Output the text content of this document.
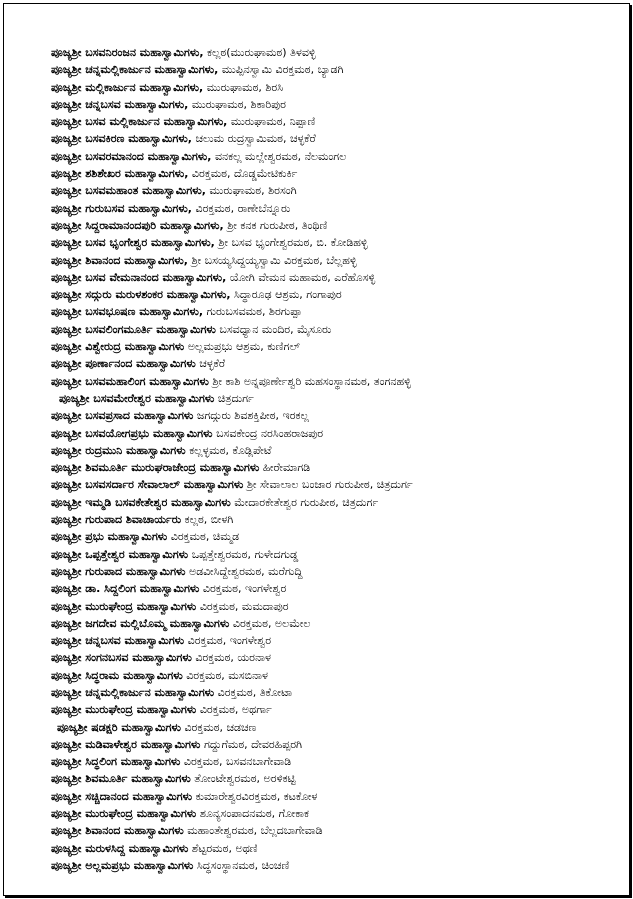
ಪೂಜ್ಯಶ್ರೀ ಬಸವನಿರಂಜನ ಮಹಾಸ್ವಾಮಿಗಳು, ಕಲ್ಲಠ(ಮುರುಘಾಮಠ) ತಿಳವಳ್ಳಿ
ಪೂಜ್ಯಶ್ರೀ ಚನ್ನಮಲ್ಲಿಕಾರ್ಜುನ ಮಹಾಸ್ವಾಮಿಗಳು, ಮುಪ್ಪಿನಸ್ವಾಮಿ ವಿರಕ್ತಮಠ, ಬ್ಯಾಡಗಿ
ಪೂಜ್ಯಶ್ರೀ ಮಲ್ಲಿಕಾರ್ಜುನ ಮಹಾಸ್ವಾಮಿಗಳು, ಮುರುಘಾಮಠ, ಶಿರಸಿ
ಪೂಜ್ಯಶ್ರೀ ಚನ್ನಬಸವ ಮಹಾಸ್ವಾಮಿಗಳು, ಮುರುಘಾಮಠ, ಶಿಕಾರಿಪುರ
ಪೂಜ್ಯಶ್ರೀ ಬಸವ ಮಲ್ಲಿಕಾರ್ಜುನ ಮಹಾಸ್ವಾಮಿಗಳು, ಮುರುಘಾಮಠ, ನಿಪ್ಪಾಣಿ
ಪೂಜ್ಯಶ್ರೀ ಬಸವಕಿರಣ ಮಹಾಸ್ವಾಮಿಗಳು, ಚಲುಮ ರುದ್ರಸ್ವಾಮಿಮಠ, ಚಳ್ಳಕೆರೆ
ಪೂಜ್ಯಶ್ರೀ ಬಸವರಮಾನಂದ ಮಹಾಸ್ವಾಮಿಗಳು, ವನಕಲ್ಲ ಮಲ್ಲೇಶ್ವರಮಠ, ನೆಲಮಂಗಲ
ಪೂಜ್ಯಶ್ರೀ ಶಶಿಶೇಖರ ಮಹಾಸ್ವಾಮಿಗಳು, ವಿರಕ್ತಮಠ, ದೊಡ್ಡಮೇಟಿಕುರ್ಕಿ
ಪೂಜ್ಯಶ್ರೀ ಬಸವಮಹಾಂತ ಮಹಾಸ್ವಾಮಿಗಳು, ಮುರುಘಾಮಠ, ಶಿರಸಂಗಿ
ಪೂಜ್ಯಶ್ರೀ ಗುರುಬಸವ ಮಹಾಸ್ವಾಮಿಗಳು, ವಿರಕ್ತಮಠ, ರಾಣೇಬೆನ್ನೂರು
ಪೂಜ್ಯಶ್ರೀ ಸಿದ್ದರಾಮಾನಂದಪುರಿ ಮಹಾಸ್ವಾಮಿಗಳು, ಶ್ರೀ ಕನಕ ಗುರುಪೀಠ, ತಿಂಥಿಣಿ
ಪೂಜ್ಯಶ್ರೀ ಬಸವ ಭೃಂಗೇಶ್ವರ ಮಹಾಸ್ವಾಮಿಗಳು, ಶ್ರೀ ಬಸವ ಭೃಂಗೇಶ್ವರಮಠ, ಬಿ. ಕೋಡಿಹಳ್ಳಿ
ಪೂಜ್ಯಶ್ರೀ ಶಿವಾನಂದ ಮಹಾಸ್ವಾಮಿಗಳು, ಶ್ರೀ ಬಸಯ್ಯಸಿದ್ದಯ್ಯಸ್ವಾಮಿ ವಿರಕ್ತಮಠ, ಬೆಲ್ಲಹಳ್ಳಿ
ಪೂಜ್ಯಶ್ರೀ ಬಸವ ವೇಮನಾನಂದ ಮಹಾಸ್ವಾಮಿಗಳು, ಯೋಗಿ ವೇಮನ ಮಹಾಮಠ, ಎರೆಹೊಸಳ್ಳಿ
ಪೂಜ್ಯಶ್ರೀ ಸದ್ಗುರು ಮರುಳಶಂಕರ ಮಹಾಸ್ವಾಮಿಗಳು, ಸಿದ್ಧಾರೂಢ ಆಶ್ರಮ, ಗಂಗಾಪುರ
ಪೂಜ್ಯಶ್ರೀ ಬಸವಭೂಷಣ ಮಹಾಸ್ವಾಮಿಗಳು, ಗುರುಬಸವಮಠ, ಶಿರಗುಪ್ಪಾ
ಪೂಜ್ಯಶ್ರೀ ಬಸವಲಿಂಗಮೂರ್ತಿ ಮಹಾಸ್ವಾಮಿಗಳು ಬಸವಧ್ಯಾನ ಮಂದಿರ, ಮೈಸೂರು
ಪೂಜ್ಯಶ್ರೀ ವಿಶ್ವೇರುದ್ರ ಮಹಾಸ್ವಾಮಿಗಳು ಅಲ್ಲಮಪ್ರಭು ಆಶ್ರಮ, ಕುಣಿಗಲ್
ಪೂಜ್ಯಶ್ರೀ ಪೂರ್ಣಾನಂದ ಮಹಾಸ್ವಾಮಿಗಳು ಚಳ್ಳಕೆರೆ
ಪೂಜ್ಯಶ್ರೀ ಬಸವಮಹಾಲಿಂಗ ಮಹಾಸ್ವಾಮಿಗಳು ಶ್ರೀ ಕಾಶಿ ಅನ್ನಪೂರ್ಣೇಶ್ವರಿ ಮಹಸಂಸ್ಥಾನಮಠ, ತಂಗನಹಳ್ಳಿ
ಪೂಜ್ಯಶ್ರೀ ಬಸವಮೇರೇಶ್ವರ ಮಹಾಸ್ವಾಮಿಗಳು ಚಿತ್ರದುರ್ಗ
ಪೂಜ್ಯಶ್ರೀ ಬಸವಪ್ರಸಾದ ಮಹಾಸ್ವಾಮಿಗಳು ಜಗದ್ಗುರು ಶಿವಶಕ್ತಿಪೀಠ, ಇರಕಲ್ಲ
ಪೂಜ್ಯಶ್ರೀ ಬಸವಯೋಗಪ್ರಭು ಮಹಾಸ್ವಾಮಿಗಳು ಬಸವಕೇಂದ್ರ ನರಸಿಂಹರಾಜಪುರ
ಪೂಜ್ಯಶ್ರೀ ರುದ್ರಮುನಿ ಮಹಾಸ್ವಾಮಿಗಳು ಕಲ್ಲಳ್ಳಮಠ, ಕೊಡ್ಲಿಪೇಟೆ
ಪೂಜ್ಯಶ್ರೀ ಶಿವಮೂರ್ತಿ ಮುರುಘರಾಜೇಂದ್ರ ಮಹಾಸ್ವಾಮಿಗಳು ಹೀರೇಮಾಗಡಿ
ಪೂಜ್ಯಶ್ರೀ ಬಸವಸರ್ದಾರ ಸೇವಾಲಾಲ್ ಮಹಾಸ್ವಾಮಿಗಳು ಶ್ರೀ ಸೇವಾಲಾಲ ಬಂಜಾರ ಗುರುಪೀಠ, ಚಿತ್ರದುರ್ಗ
ಪೂಜ್ಯಶ್ರೀ ಇಮ್ಮಡಿ ಬಸವಕೇತೇಶ್ವರ ಮಹಾಸ್ವಾಮಿಗಳು ಮೇದಾರಕೇತೇಶ್ವರ ಗುರುಪೀಠ, ಚಿತ್ರದುರ್ಗ
ಪೂಜ್ಯಶ್ರೀ ಗುರುಪಾದ ಶಿವಾಚಾರ್ಯರು ಕಲ್ಲಠ, ಬೀಳಗಿ
ಪೂಜ್ಯಶ್ರೀ ಪ್ರಭು ಮಹಾಸ್ವಾಮಿಗಳು ವಿರಕ್ತಮಠ, ಚಿಮ್ಮಡ
ಪೂಜ್ಯಶ್ರೀ ಒಪ್ಪತ್ತೇಶ್ವರ ಮಹಾಸ್ವಾಮಿಗಳು ಒಪ್ಪತ್ತೇಶ್ವರಮಠ, ಗುಳೇದಗುಡ್ಡ
ಪೂಜ್ಯಶ್ರೀ ಗುರುಪಾದ ಮಹಾಸ್ವಾಮಿಗಳು ಅಡವೀಸಿದ್ದೇಶ್ವರಮಠ, ಮರೆಗುದ್ದಿ
ಪೂಜ್ಯಶ್ರೀ ಡಾ. ಸಿದ್ದಲಿಂಗ ಮಹಾಸ್ವಾಮಿಗಳು ವಿರಕ್ತಮಠ, ಇಂಗಳೇಶ್ವರ
ಪೂಜ್ಯಶ್ರೀ ಮುರುಘೇಂದ್ರ ಮಹಾಸ್ವಾಮಿಗಳು ವಿರಕ್ತಮಠ, ಮಮದಾಪುರ
ಪೂಜ್ಯಶ್ರೀ ಜಗದೇವ ಮಲ್ಲಿಬೊಮ್ಮ ಮಹಾಸ್ವಾಮಿಗಳು ವಿರಕ್ತಮಠ, ಅಲಮೇಲ
ಪೂಜ್ಯಶ್ರೀ ಚನ್ನಬಸವ ಮಹಾಸ್ವಾಮಿಗಳು ವಿರಕ್ತಮಠ, ಇಂಗಳೇಶ್ವರ
ಪೂಜ್ಯಶ್ರೀ ಸಂಗನಬಸವ ಮಹಾಸ್ವಾಮಿಗಳು ವಿರಕ್ತಮಠ, ಯರನಾಳ
ಪೂಜ್ಯಶ್ರೀ ಸಿದ್ಧರಾಮ ಮಹಾಸ್ವಾಮಿಗಳು ವಿರಕ್ತಮಠ, ಮಸಬಿನಾಳ
ಪೂಜ್ಯಶ್ರೀ ಚನ್ನಮಲ್ಲಿಕಾರ್ಜುನ ಮಹಾಸ್ವಾಮಿಗಳು ವಿರಕ್ತಮಠ, ತಿಕೋಟಾ
ಪೂಜ್ಯಶ್ರೀ ಮುರುಘೇಂದ್ರ ಮಹಾಸ್ವಾಮಿಗಳು ವಿರಕ್ತಮಠ, ಅಥರ್ಗಾ
ಪೂಜ್ಯಶ್ರೀ ಷಡಕ್ಷರಿ ಮಹಾಸ್ವಾಮಿಗಳು ವಿರಕ್ತಮಠ, ಚಡಚಣ
ಪೂಜ್ಯಶ್ರೀ ಮಡಿವಾಳೇಶ್ವರ ಮಹಾಸ್ವಾಮಿಗಳು ಗದ್ದುಗೆಮಠ, ದೇವರಹಿಪ್ಪರಗಿ
ಪೂಜ್ಯಶ್ರೀ ಸಿದ್ಧಲಿಂಗ ಮಹಾಸ್ವಾಮಿಗಳು ವಿರಕ್ತಮಠ, ಬಸವನಬಾಗೇವಾಡಿ
ಪೂಜ್ಯಶ್ರೀ ಶಿವಮೂರ್ತಿ ಮಹಾಸ್ವಾಮಿಗಳು ತೋಂಟೇಶ್ವರಮಠ, ಅರಳಿಕಟ್ಟಿ
ಪೂಜ್ಯಶ್ರೀ ಸಚ್ಚಿದಾನಂದ ಮಹಾಸ್ವಾಮಿಗಳು ಕುಮಾರೇಶ್ವರವಿರಕ್ತಮಠ, ಕಟಕೋಳ
ಪೂಜ್ಯಶ್ರೀ ಮುರುಘೇಂದ್ರ ಮಹಾಸ್ವಾಮಿಗಳು ಶೂನ್ಯಸಂಪಾದನಮಠ, ಗೋಕಾಕ
ಪೂಜ್ಯಶ್ರೀ ಶಿವಾನಂದ ಮಹಾಸ್ವಾಮಿಗಳು ಮಹಾಂತೇಶ್ವರಮಠ, ಬೆಲ್ಲದಬಾಗೇವಾಡಿ
ಪೂಜ್ಯಶ್ರೀ ಮರುಳಸಿದ್ದ ಮಹಾಸ್ವಾಮಿಗಳು ಶೆಟ್ಟರಮಠ, ಅಥಣಿ
ಪೂಜ್ಯಶ್ರೀ ಅಲ್ಲಮಪ್ರಭು ಮಹಾಸ್ವಾಮಿಗಳು ಸಿದ್ಧಸಂಸ್ಥಾನಮಠ, ಚಿಂಚಣಿ
